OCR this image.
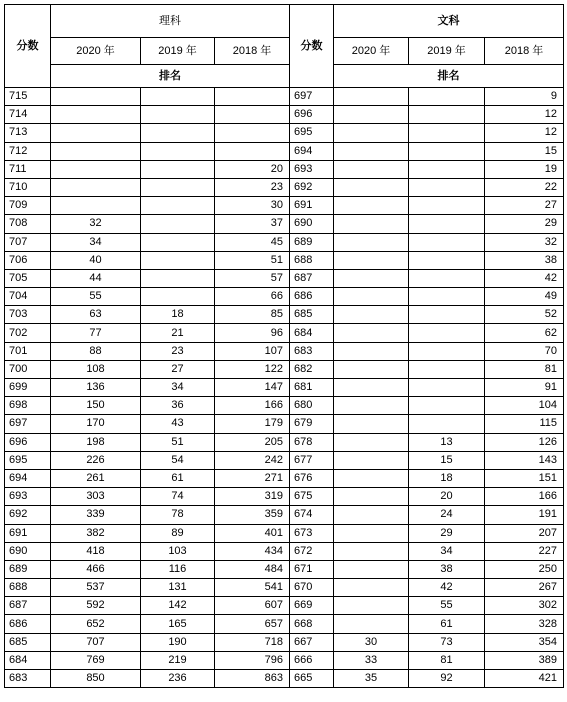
分数	理科			分数	文科		
	2020 年	2019 年	2018 年		2020 年	2019 年	2018 年
	排名				排名		
715				697			9
714				696			12
713				695			12
712				694			15
711			20	693			19
710			23	692			22
709			30	691			27
708	32		37	690			29
707	34		45	689			32
706	40		51	688			38
705	44		57	687			42
704	55		66	686			49
703	63	18	85	685			52
702	77	21	96	684			62
701	88	23	107	683			70
700	108	27	122	682			81
699	136	34	147	681			91
698	150	36	166	680			104
697	170	43	179	679			115
696	198	51	205	678		13	126
695	226	54	242	677		15	143
694	261	61	271	676		18	151
693	303	74	319	675		20	166
692	339	78	359	674		24	191
691	382	89	401	673		29	207
690	418	103	434	672		34	227
689	466	116	484	671		38	250
688	537	131	541	670		42	267
687	592	142	607	669		55	302
686	652	165	657	668		61	328
685	707	190	718	667	30	73	354
684	769	219	796	666	33	81	389
683	850	236	863	665	35	92	421
